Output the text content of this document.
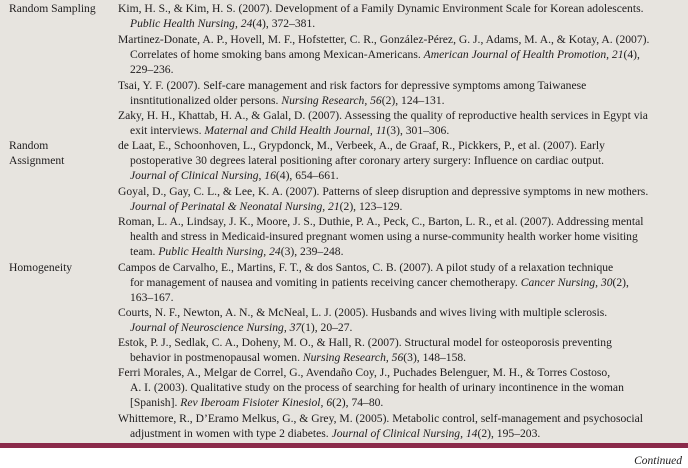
Random Sampling Kim, H. S., & Kim, H. S. (2007). Development of a Family Dynamic Environment Scale for Korean adolescents.
Public Health Nursing, 24(4), 372–381.
Martinez-Donate, A. P., Hovell, M. F., Hofstetter, C. R., González-Pérez, G. J., Adams, M. A., & Kotay, A. (2007).
Correlates of home smoking bans among Mexican-Americans. American Journal of Health Promotion, 21(4),
229–236.
Tsai, Y. F. (2007). Self-care management and risk factors for depressive symptoms among Taiwanese
insntitutionalized older persons. Nursing Research, 56(2), 124–131.
Zaky, H. H., Khattab, H. A., & Galal, D. (2007). Assessing the quality of reproductive health services in Egypt via
exit interviews. Maternal and Child Health Journal, 11(3), 301–306.
Random
Assignment
de Laat, E., Schoonhoven, L., Grypdonck, M., Verbeek, A., de Graaf, R., Pickkers, P., et al. (2007). Early
postoperative 30 degrees lateral positioning after coronary artery surgery: Influence on cardiac output.
Journal of Clinical Nursing, 16(4), 654–661.
Goyal, D., Gay, C. L., & Lee, K. A. (2007). Patterns of sleep disruption and depressive symptoms in new mothers.
Journal of Perinatal & Neonatal Nursing, 21(2), 123–129.
Roman, L. A., Lindsay, J. K., Moore, J. S., Duthie, P. A., Peck, C., Barton, L. R., et al. (2007). Addressing mental
health and stress in Medicaid-insured pregnant women using a nurse-community health worker home visiting
team. Public Health Nursing, 24(3), 239–248.
Homogeneity	Campos de Carvalho, E., Martins, F. T., & dos Santos, C. B. (2007). A pilot study of a relaxation technique
for management of nausea and vomiting in patients receiving cancer chemotherapy. Cancer Nursing, 30(2),
163–167.
Courts, N. F., Newton, A. N., & McNeal, L. J. (2005). Husbands and wives living with multiple sclerosis.
Journal of Neuroscience Nursing, 37(1), 20–27.
Estok, P. J., Sedlak, C. A., Doheny, M. O., & Hall, R. (2007). Structural model for osteoporosis preventing
behavior in postmenopausal women. Nursing Research, 56(3), 148–158.
Ferri Morales, A., Melgar de Correl, G., Avendaño Coy, J., Puchades Belenguer, M. H., & Torres Costoso,
A. I. (2003). Qualitative study on the process of searching for health of urinary incontinence in the woman
[Spanish]. Rev Iberoam Fisioter Kinesiol, 6(2), 74–80.
Whittemore, R., D’Eramo Melkus, G., & Grey, M. (2005). Metabolic control, self-management and psychosocial
adjustment in women with type 2 diabetes. Journal of Clinical Nursing, 14(2), 195–203.
Continued
